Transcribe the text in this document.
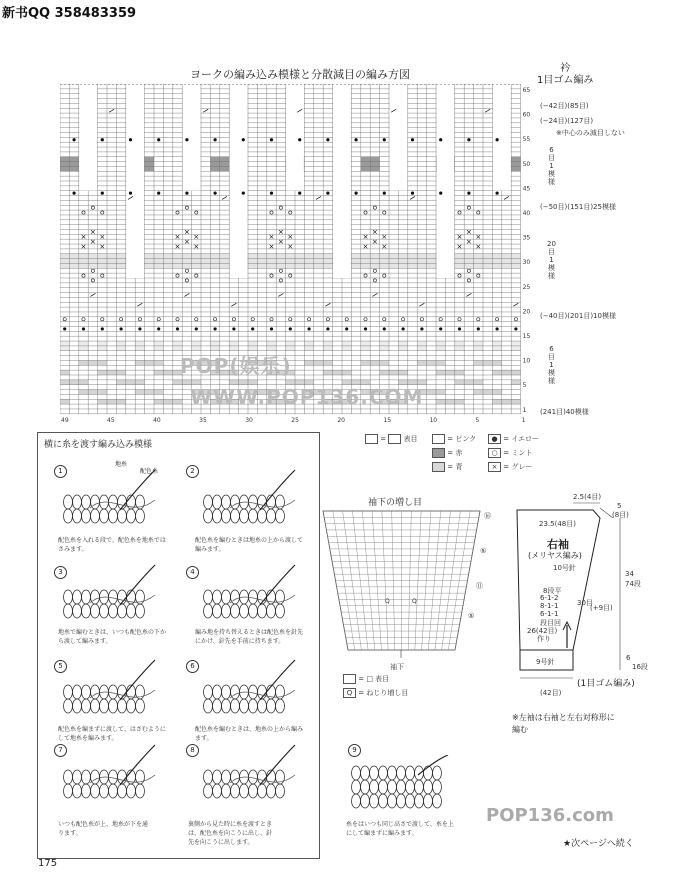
新书QQ 358483359
ヨークの編み込み模様と分散減目の編み方図	衿
1目ゴム編み
49	45	40	35	30	25	20	15	10	5	1
65
60
55
50
45
40
35
30
25
20
15
10
5
1
(−42目)(85目)
(−24目)(127目)
※中心のみ減目しない
(−50目)(151目)25模様
(−40目)(201目)10模様
(241目)40模様
6目1模様
20目1模様
6目1模様
POP(娱乐)
WWW.POP136.COM
横に糸を渡す編み込み模様
1
配色糸を入れる段で、配色糸を地糸ではさみます。
2
配色糸を編むときは地糸の上から渡して編みます。
3
地糸で編むときは、いつも配色糸の下から渡して編みます。
4
編み地を持ち替えるときは配色糸を針先にかけ、針先を手前に持ちます。
5
配色糸を編まずに渡して、はさむようにして地糸を編みます。
6
配色糸を編むときは、地糸の上から編みます。
7
いつも配色糸が上、地糸が下を通ります。
8
裏側から見た時に糸を渡すときは、配色糸を向こうに出し、針先を向こうに出します。
9
糸をはいつも同じ高さで渡して、糸を上にして編まずに編みます。
地糸
配色糸
=  表目	= ピンク	● = イエロー
= 赤	○ = ミント
= 青	× = グレー
袖下の増し目
Q	Q
⑯
⑤
⑪
⑤
袖下
= □ 表目
Q = ねじり増し目
2.5(4目)
23.5(48目)
5
(8目)
右袖
(メリヤス編み)
10号針
8段平
6-1-2
8-1-1
6-1-1
段目回
30目
(+9目)
26(42目)
作り
9号針
34
74段
6
16段
(42目)
(1目ゴム編み)
※左袖は右袖と左右対称形に編む
POP136.com
★次ページへ続く
175
